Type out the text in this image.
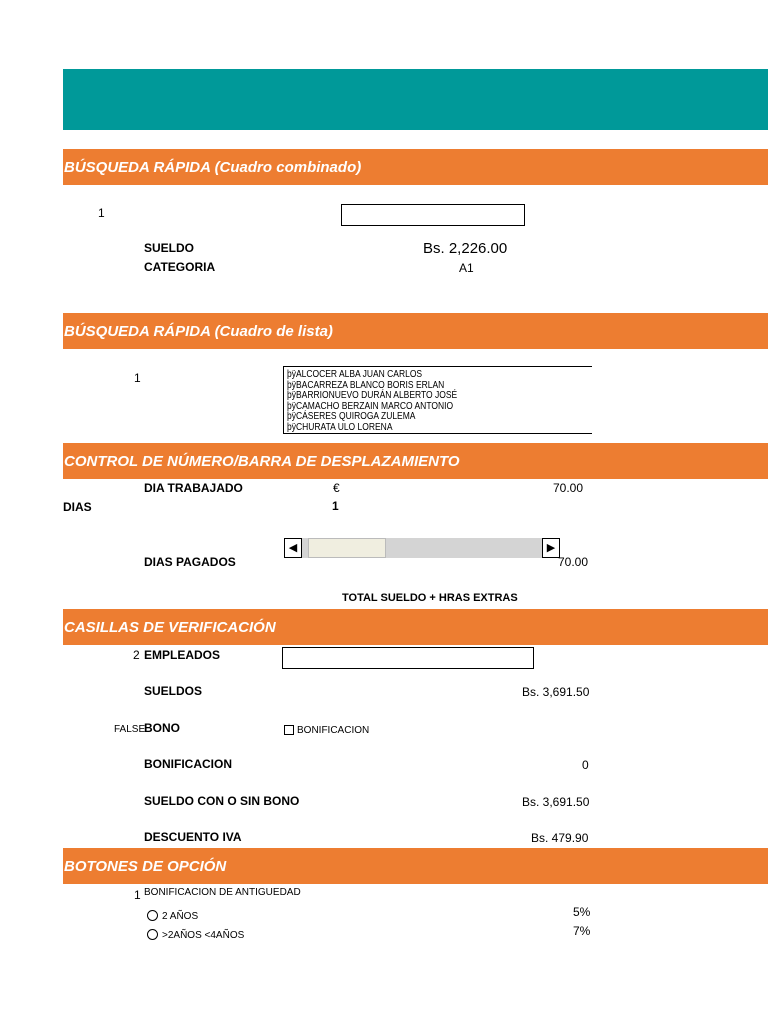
BÚSQUEDA RÁPIDA (Cuadro combinado)
1
SUELDO	Bs. 2,226.00
CATEGORIA	A1
BÚSQUEDA RÁPIDA (Cuadro de lista)
1	þÿALCOCER ALBA JUAN CARLOS
þÿBACARREZA BLANCO BORIS ERLAN
þÿBARRIONUEVO DURÁN ALBERTO JOSÉ
þÿCAMACHO BERZAIN MARCO ANTONIO
þÿCÁSERES QUIROGA ZULEMA
þÿCHURATA ULO LORENA
CONTROL DE NÚMERO/BARRA DE DESPLAZAMIENTO
DIA TRABAJADO	€	70.00
DIAS	1
◀	▶
DIAS PAGADOS	70.00
TOTAL SUELDO + HRAS EXTRAS
CASILLAS DE VERIFICACIÓN
2 EMPLEADOS
SUELDOS	Bs. 3,691.50
FALSE
BONO	BONIFICACION
BONIFICACION	0
SUELDO CON O SIN BONO	Bs. 3,691.50
DESCUENTO IVA	Bs. 479.90
BOTONES DE OPCIÓN
1 BONIFICACION DE ANTIGUEDAD
2 AÑOS	5%
>2AÑOS <4AÑOS	7%
